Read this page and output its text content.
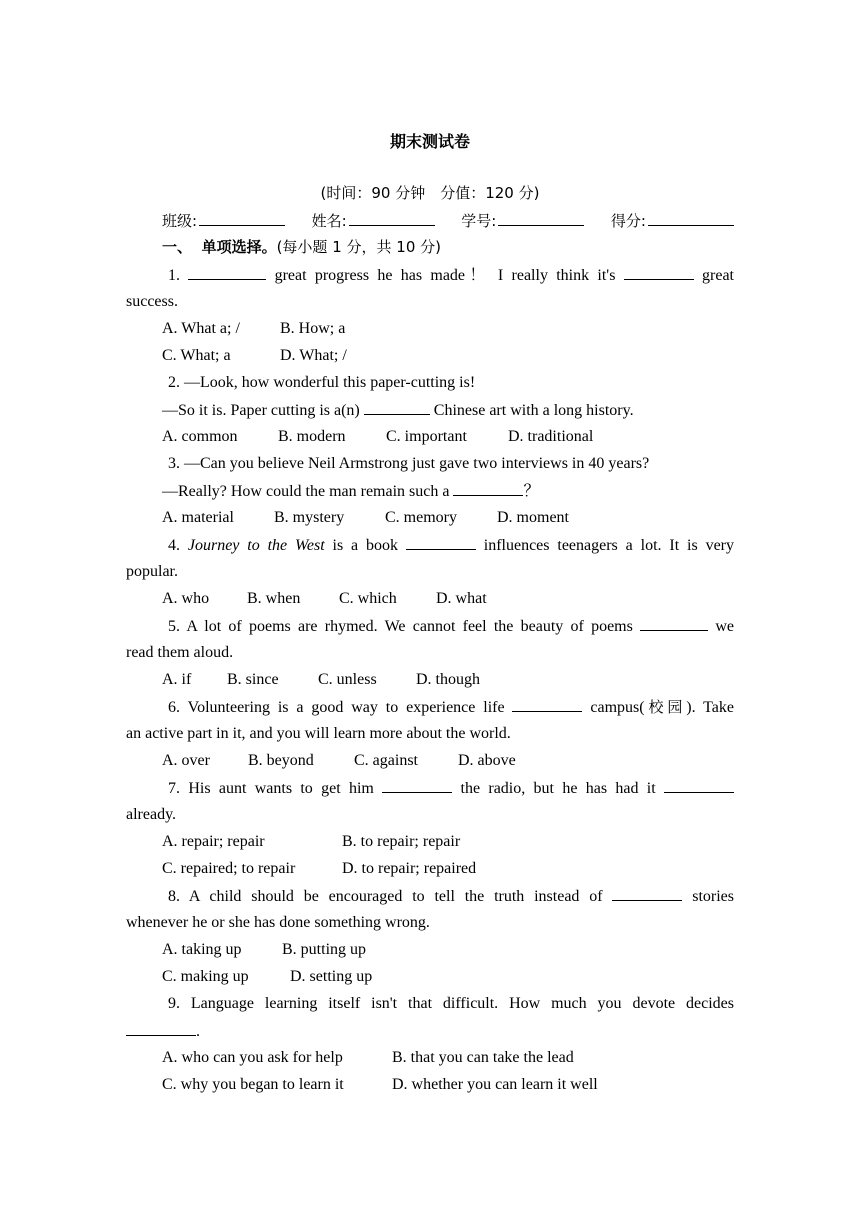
期末测试卷
(时间：90 分钟　分值：120 分)
班级:	姓名:	学号:	得分:
一、 单项选择。(每小题 1 分，共 10 分)
1.	great progress he has made！ I really think it's	great
success.
A. What a; /	B. How; a
C. What; a	D. What; /
2. —Look, how wonderful this paper-cutting is!
—So it is. Paper cutting is a(n)	Chinese art with a long history.
A. common	B. modern	C. important	D. traditional
3. —Can you believe Neil Armstrong just gave two interviews in 40 years?
—Really? How could the man remain such a	？
A. material	B. mystery	C. memory	D. moment
4. Journey to the West is a book	influences teenagers a lot. It is very
popular.
A. who B. when C. which D. what
5. A lot of poems are rhymed. We cannot feel the beauty of poems	we
read them aloud.
A. if B. since C. unless D. though
6. Volunteering is a good way to experience life	campus(校园). Take
an active part in it, and you will learn more about the world.
A. over B. beyond	C. against	D. above
7. His aunt wants to get him	the radio, but he has had it
already.
A. repair; repair	B. to repair; repair
C. repaired; to repair	D. to repair; repaired
8. A child should be encouraged to tell the truth instead of	stories
whenever he or she has done something wrong.
A. taking up	B. putting up
C. making up	D. setting up
9. Language learning itself isn't that difficult. How much you devote decides
.
A. who can you ask for help	B. that you can take the lead
C. why you began to learn it	D. whether you can learn it well
